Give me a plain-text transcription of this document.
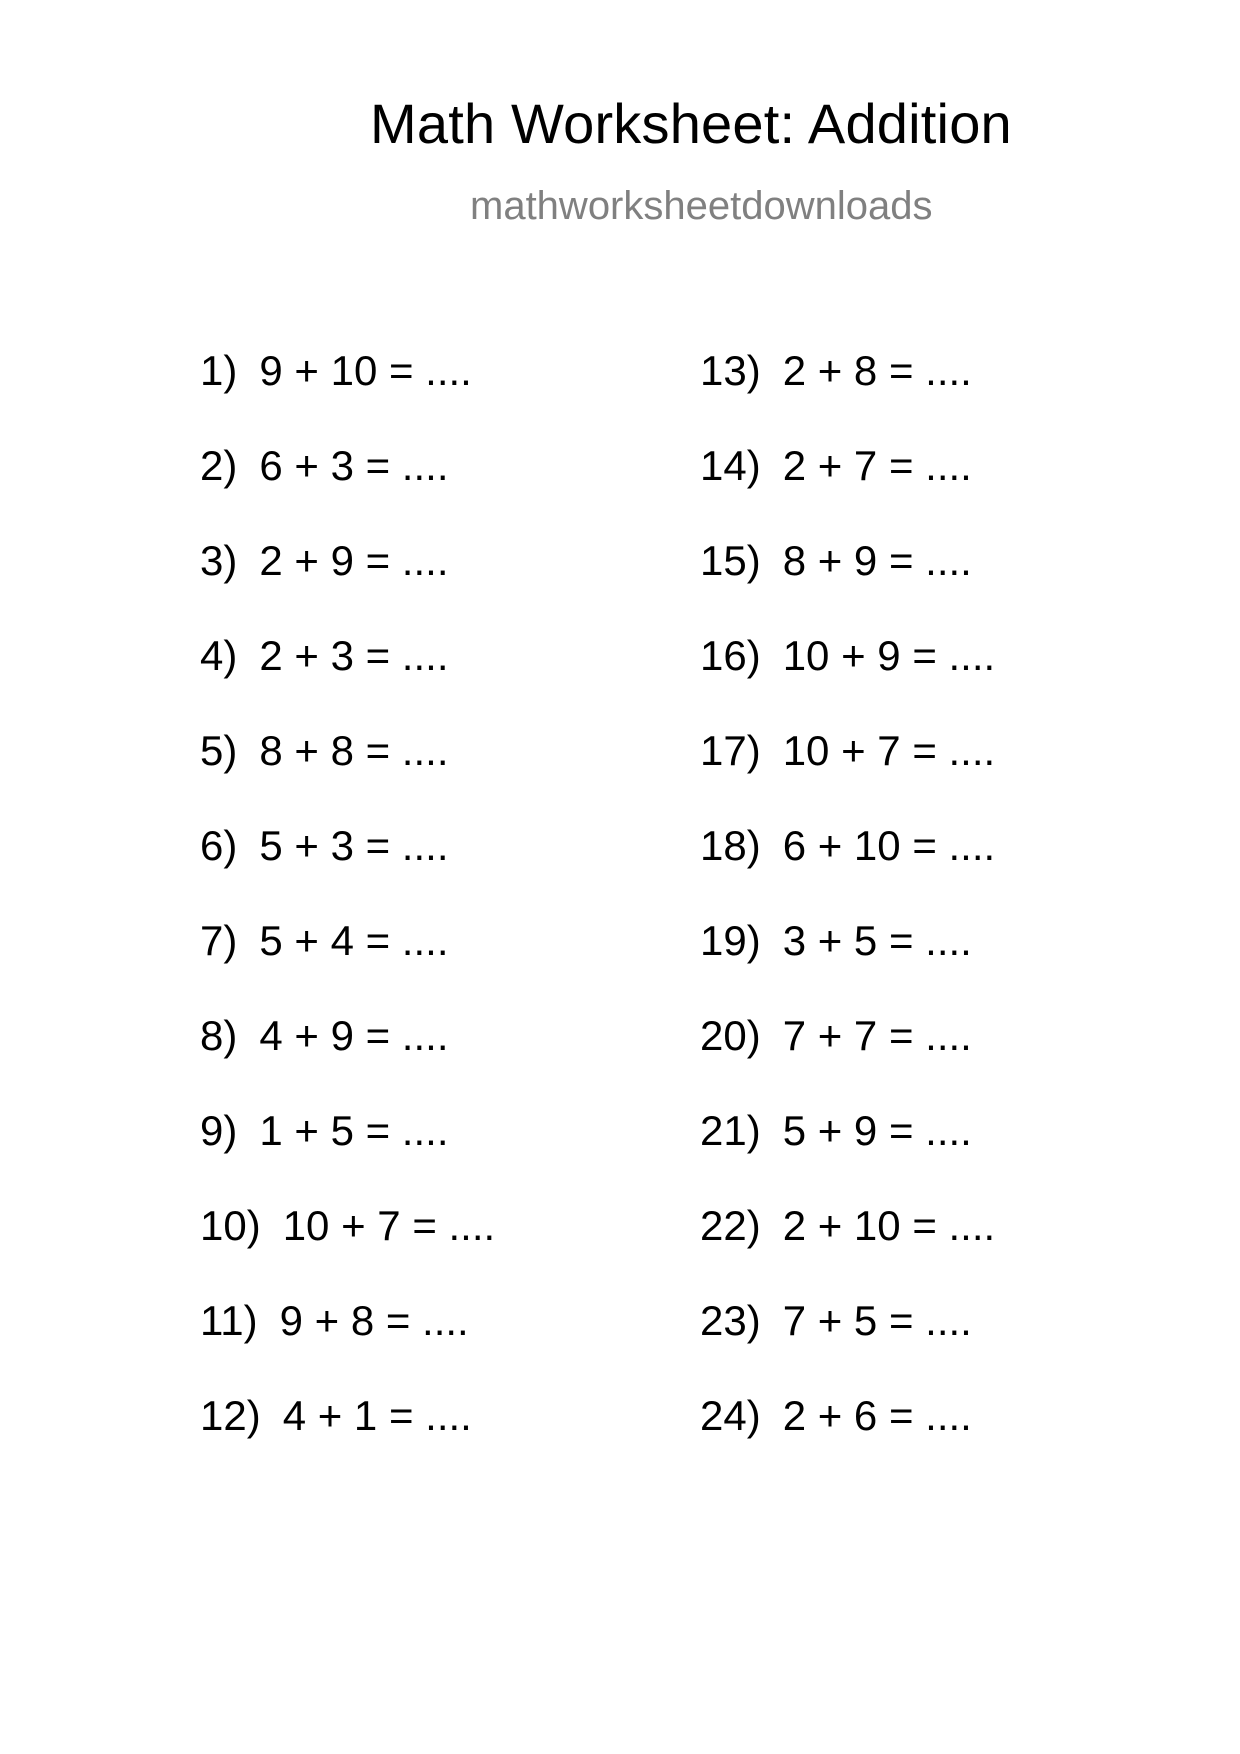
Math Worksheet: Addition
mathworksheetdownloads
1) 9 + 10 = ....
2) 6 + 3 = ....
3) 2 + 9 = ....
4) 2 + 3 = ....
5) 8 + 8 = ....
6) 5 + 3 = ....
7) 5 + 4 = ....
8) 4 + 9 = ....
9) 1 + 5 = ....
10) 10 + 7 = ....
11) 9 + 8 = ....
12) 4 + 1 = ....
13) 2 + 8 = ....
14) 2 + 7 = ....
15) 8 + 9 = ....
16) 10 + 9 = ....
17) 10 + 7 = ....
18) 6 + 10 = ....
19) 3 + 5 = ....
20) 7 + 7 = ....
21) 5 + 9 = ....
22) 2 + 10 = ....
23) 7 + 5 = ....
24) 2 + 6 = ....
